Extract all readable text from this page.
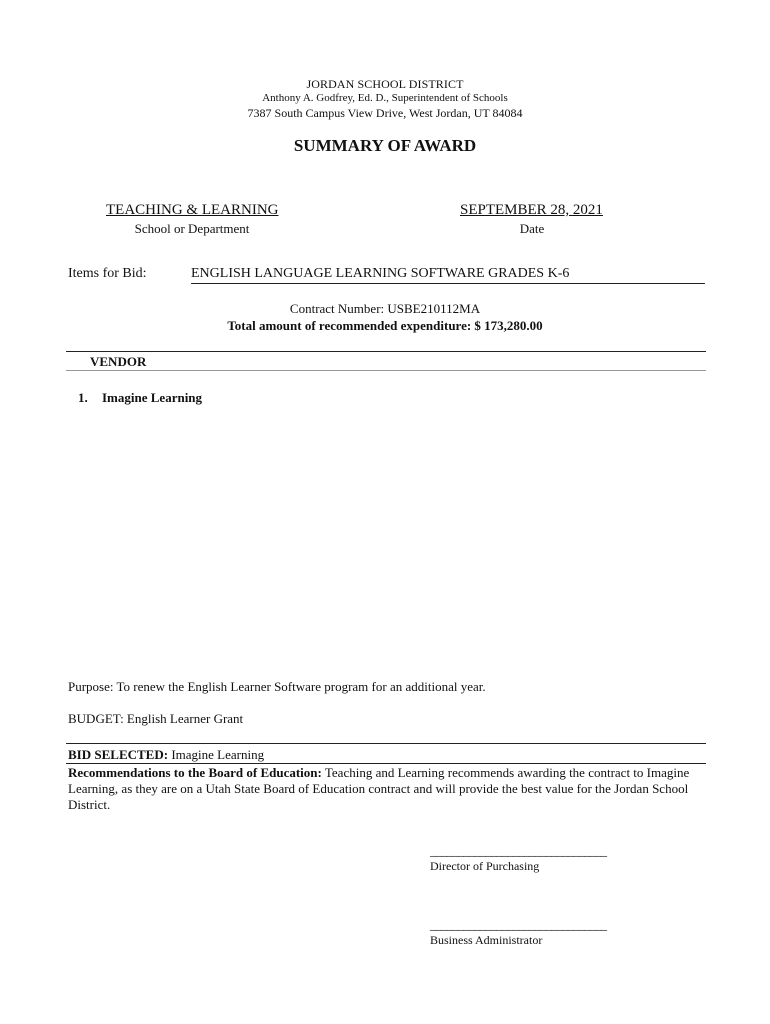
JORDAN SCHOOL DISTRICT
Anthony A. Godfrey, Ed. D., Superintendent of Schools
7387 South Campus View Drive, West Jordan, UT 84084
SUMMARY OF AWARD
TEACHING & LEARNING
School or Department
SEPTEMBER 28, 2021
Date
Items for Bid:	ENGLISH LANGUAGE LEARNING SOFTWARE GRADES K-6
Contract Number: USBE210112MA
Total amount of recommended expenditure: $ 173,280.00
VENDOR
1. Imagine Learning
Purpose: To renew the English Learner Software program for an additional year.
BUDGET: English Learner Grant
BID SELECTED: Imagine Learning
Recommendations to the Board of Education: Teaching and Learning recommends awarding the contract to Imagine Learning, as they are on a Utah State Board of Education contract and will provide the best value for the Jordan School District.
________________________________
Director of Purchasing
________________________________
Business Administrator
